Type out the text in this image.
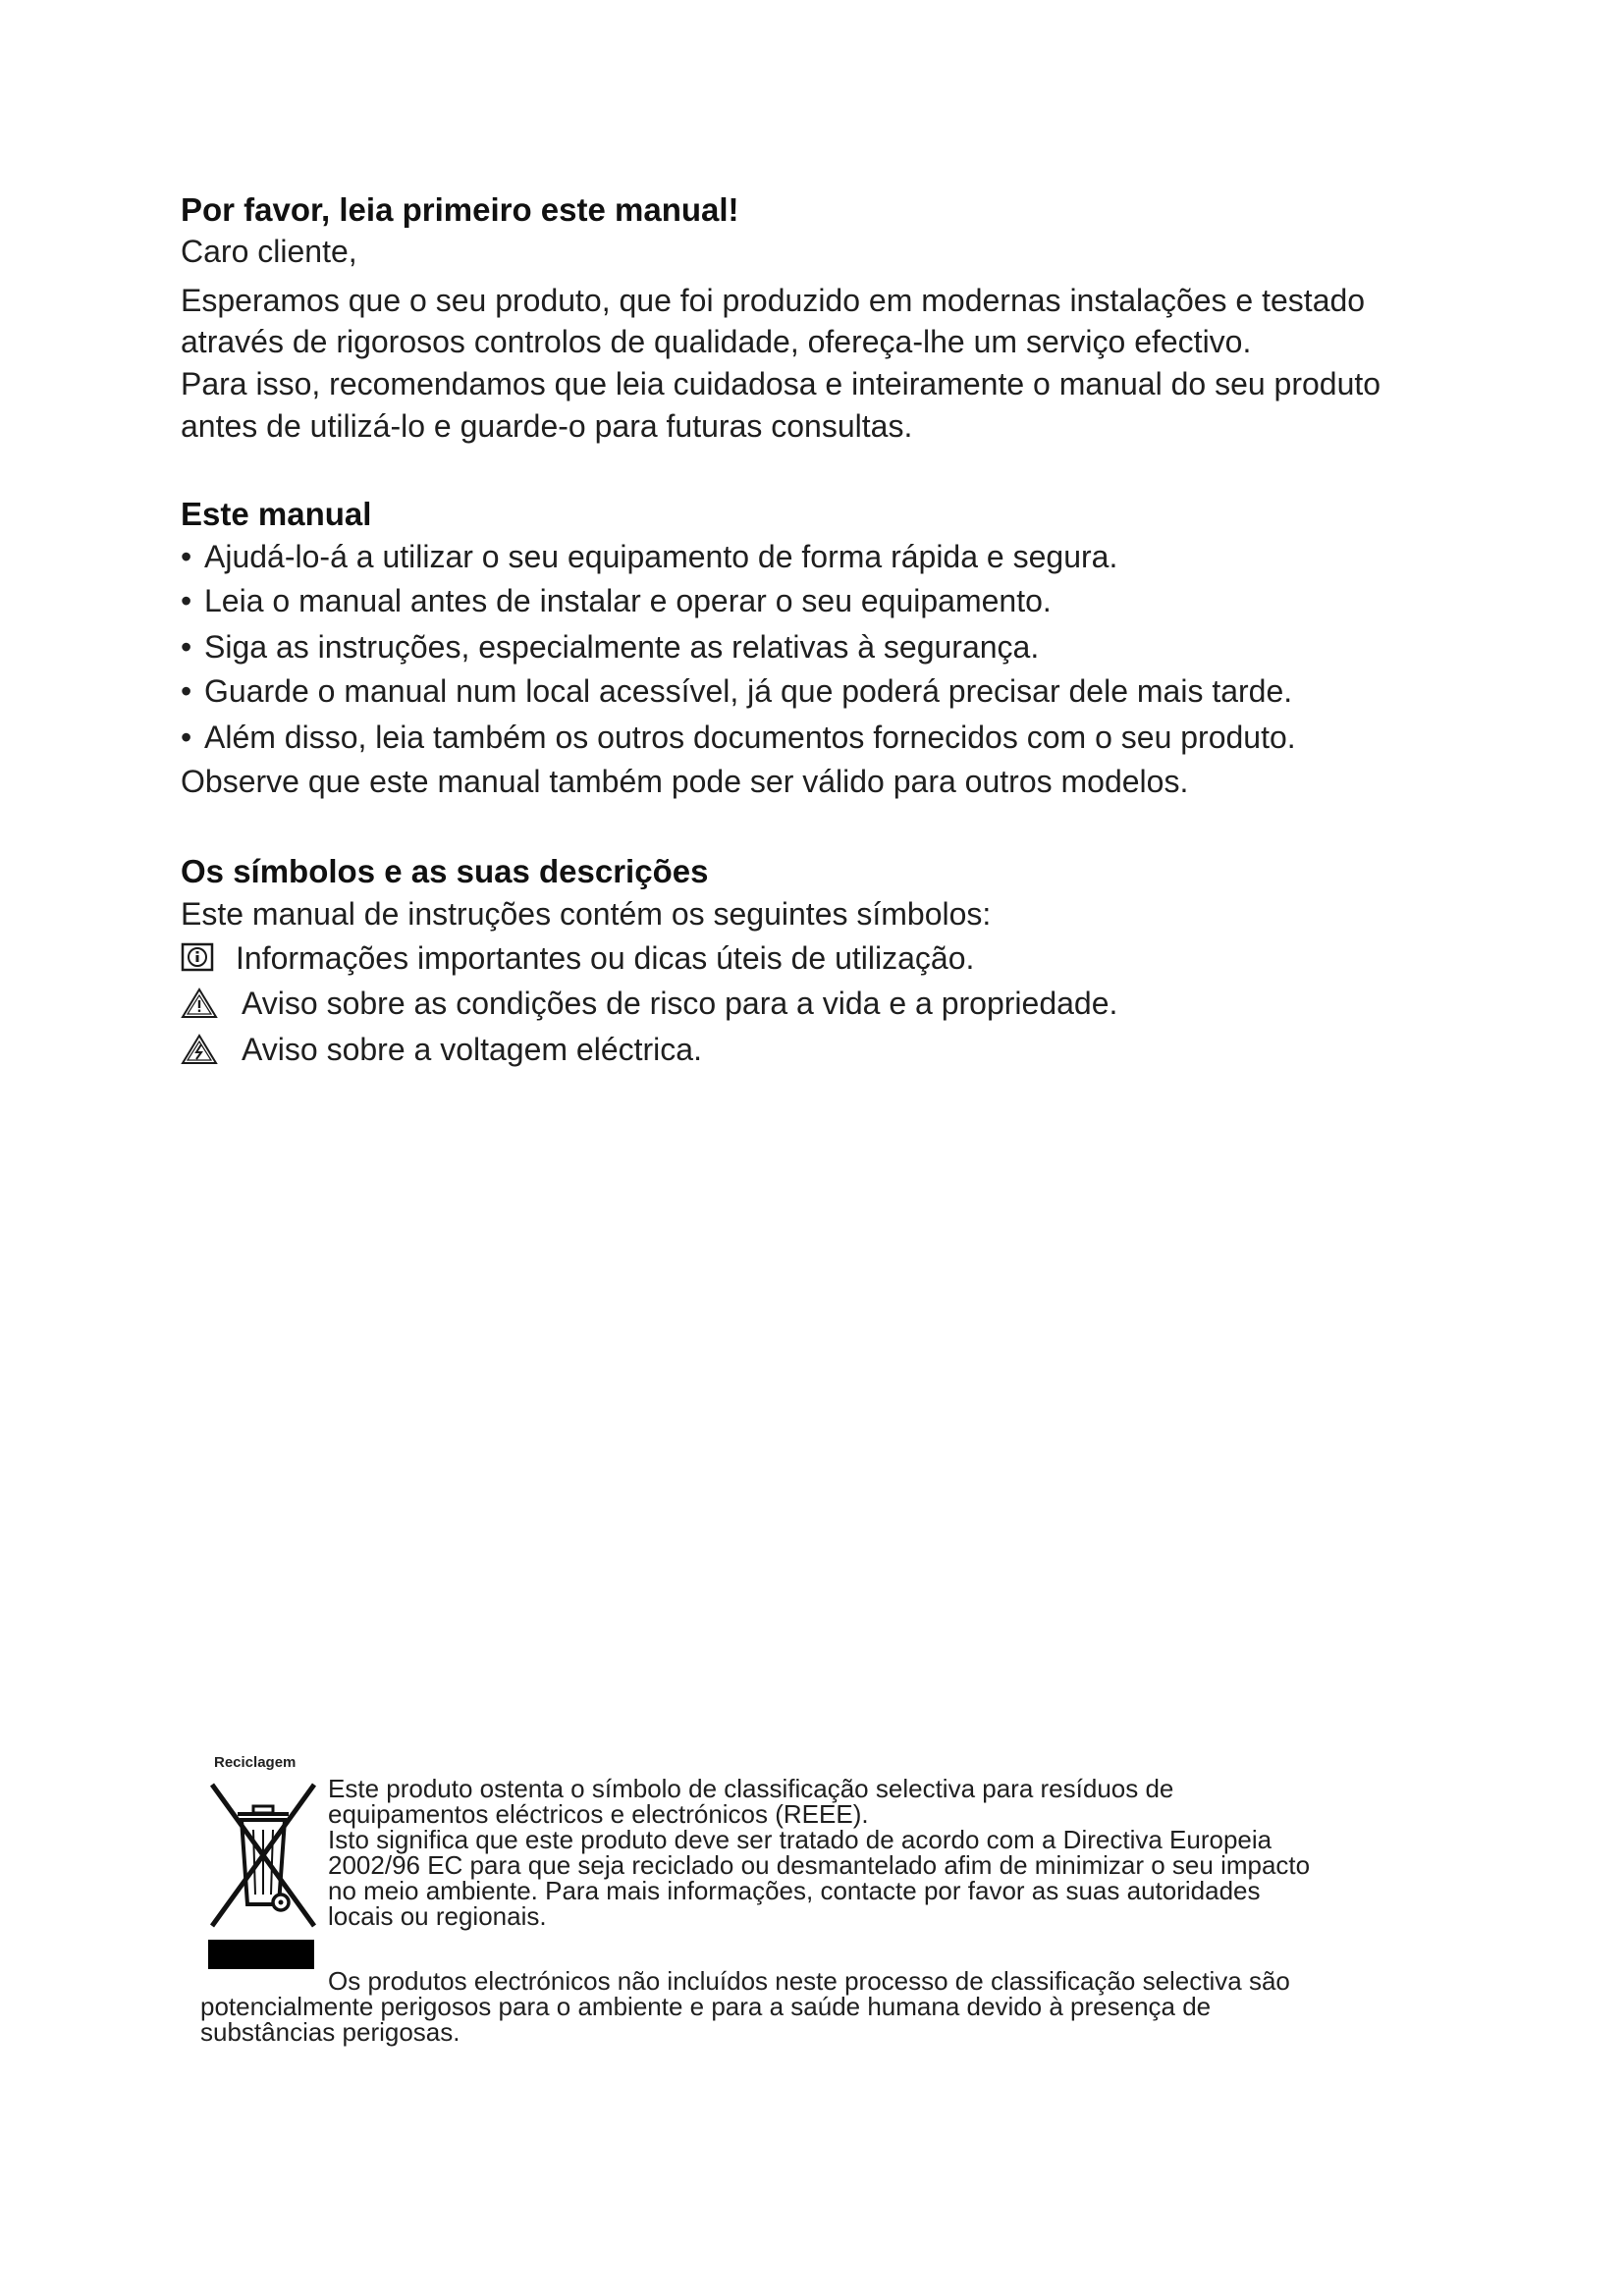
Por favor, leia primeiro este manual!
Caro cliente,
Esperamos que o seu produto, que foi produzido em modernas instalações e testado
através de rigorosos controlos de qualidade, ofereça-lhe um serviço efectivo.
Para isso, recomendamos que leia cuidadosa e inteiramente o manual do seu produto
antes de utilizá-lo e guarde-o para futuras consultas.
Este manual
• Ajudá-lo-á a utilizar o seu equipamento de forma rápida e segura.
• Leia o manual antes de instalar e operar o seu equipamento.
• Siga as instruções, especialmente as relativas à segurança.
• Guarde o manual num local acessível, já que poderá precisar dele mais tarde.
• Além disso, leia também os outros documentos fornecidos com o seu produto.
Observe que este manual também pode ser válido para outros modelos.
Os símbolos e as suas descrições
Este manual de instruções contém os seguintes símbolos:
Informações importantes ou dicas úteis de utilização.
Aviso sobre as condições de risco para a vida e a propriedade.
Aviso sobre a voltagem eléctrica.
Reciclagem
Este produto ostenta o símbolo de classificação selectiva para resíduos de
equipamentos eléctricos e electrónicos (REEE).
Isto significa que este produto deve ser tratado de acordo com a Directiva Europeia
2002/96 EC para que seja reciclado ou desmantelado afim de minimizar o seu impacto
no meio ambiente. Para mais informações, contacte por favor as suas autoridades
locais ou regionais.
Os produtos electrónicos não incluídos neste processo de classificação selectiva são
potencialmente perigosos para o ambiente e para a saúde humana devido à presença de
substâncias perigosas.
